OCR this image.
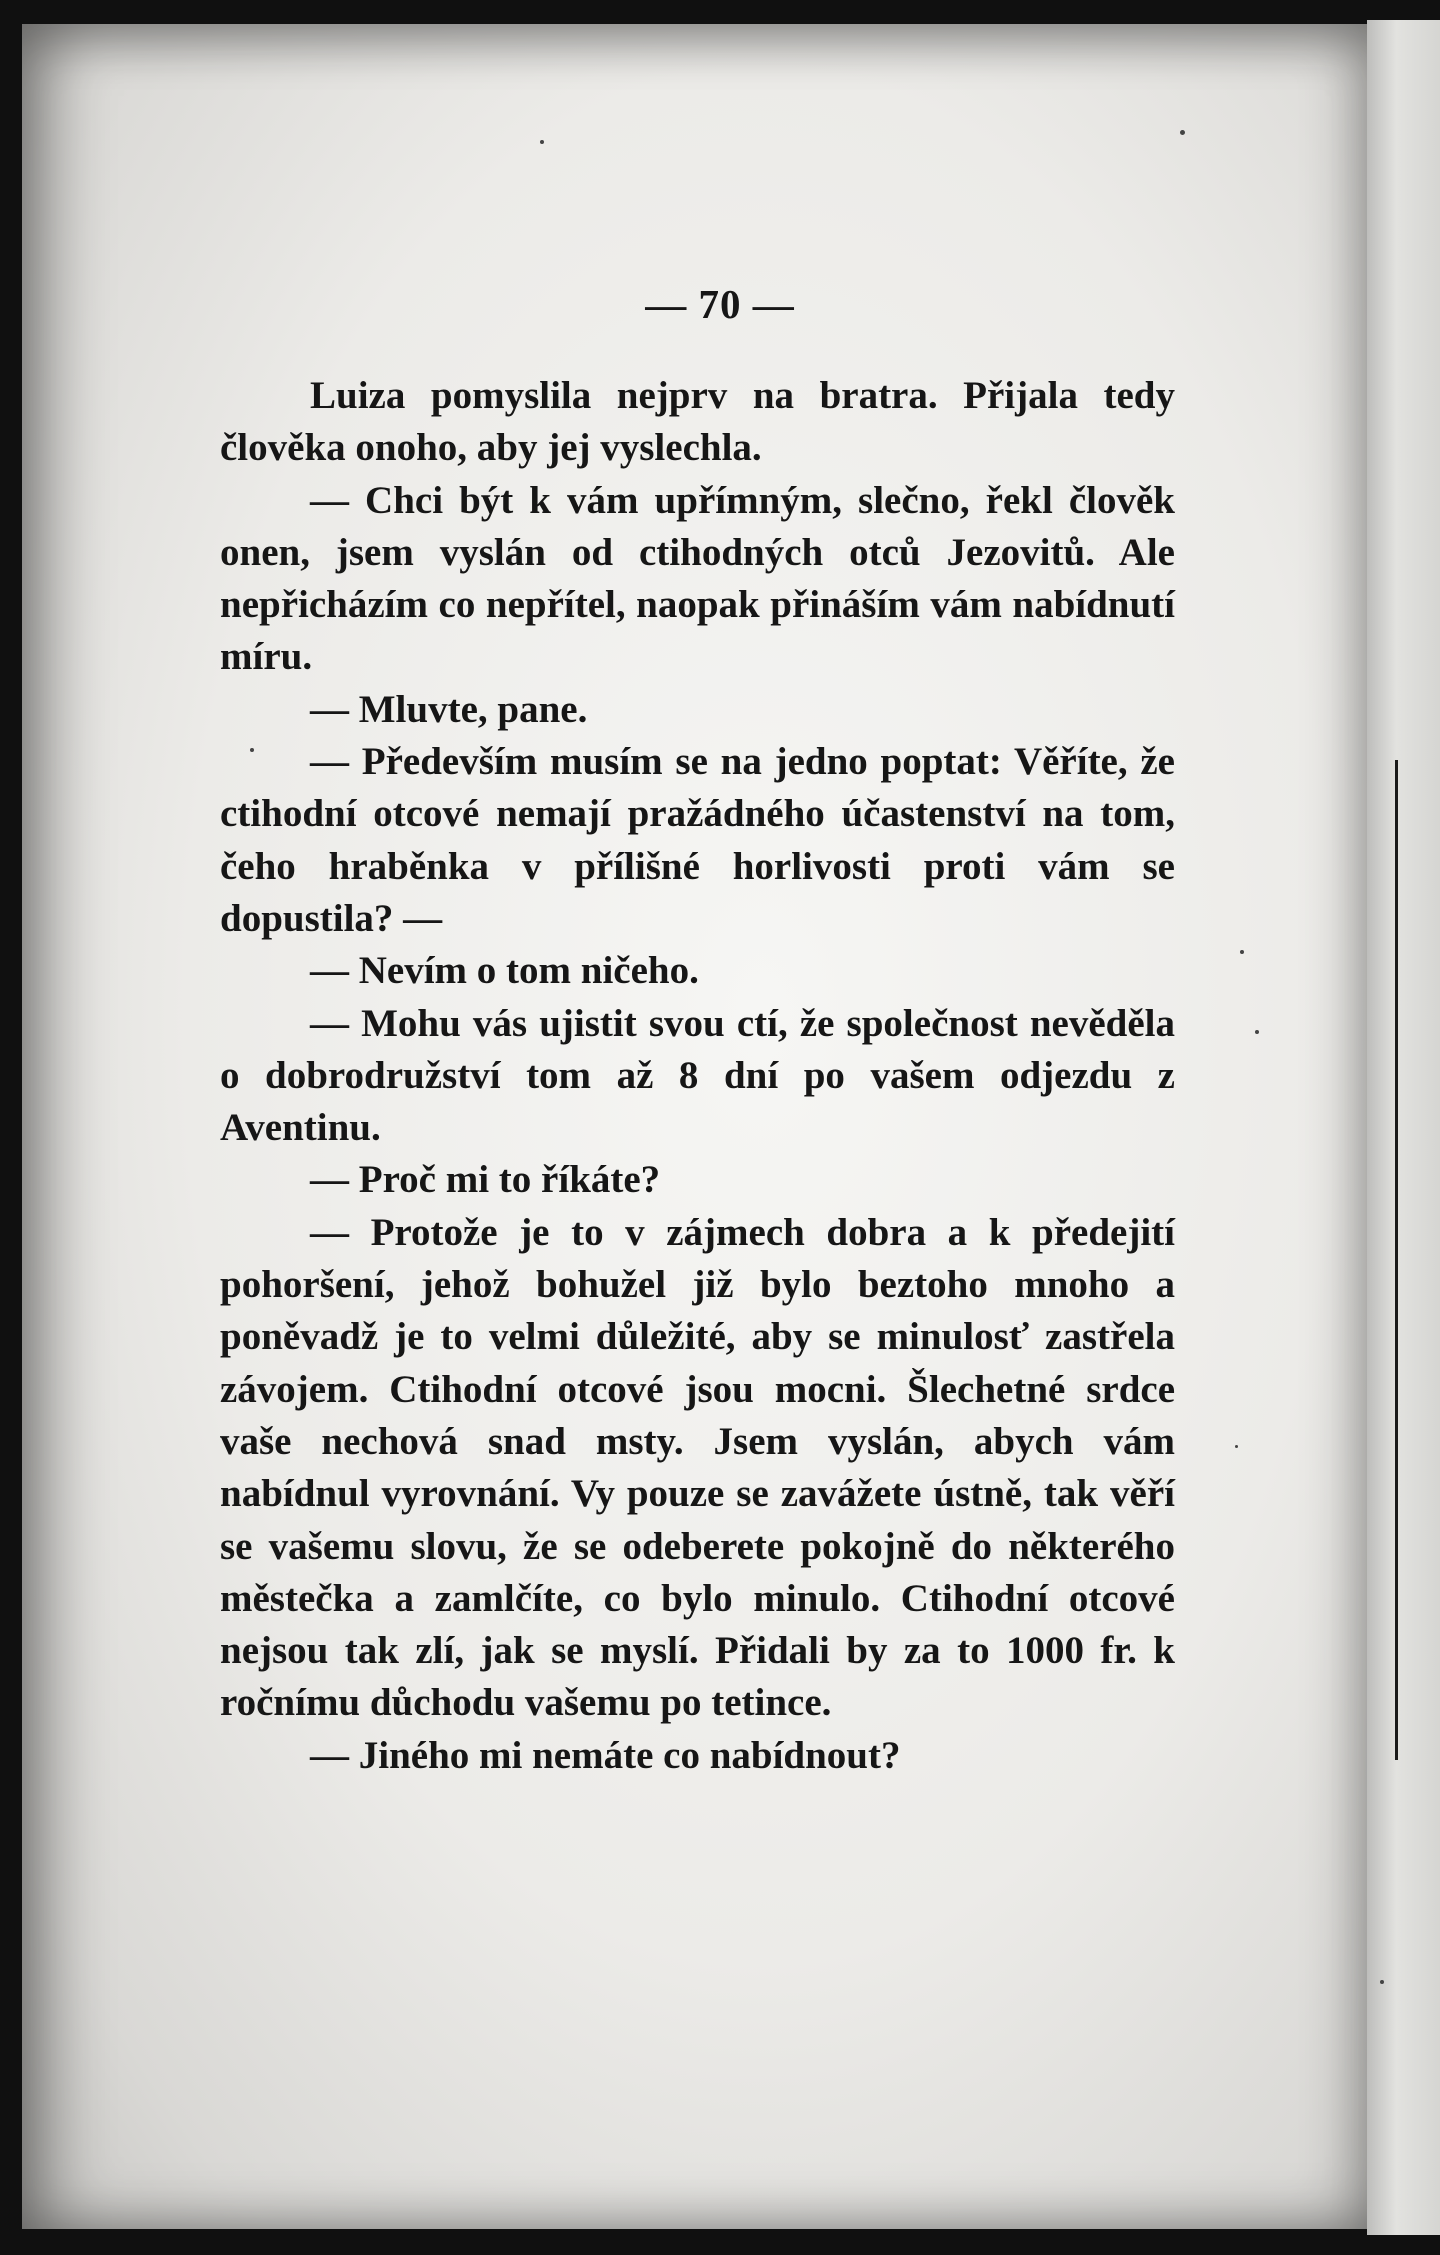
— 70 —

Luiza pomyslila nejprv na bratra. Přijala tedy člověka onoho, aby jej vyslechla.

— Chci být k vám upřímným, slečno, řekl člověk onen, jsem vyslán od ctihodných otců Jezovitů. Ale nepřicházím co nepřítel, naopak přináším vám nabídnutí míru.

— Mluvte, pane.

— Především musím se na jedno poptat: Věříte, že ctihodní otcové nemají pražádného účastenství na tom, čeho hraběnka v přílišné horlivosti proti vám se dopustila? —

— Nevím o tom ničeho.

— Mohu vás ujistit svou ctí, že společnost nevěděla o dobrodružství tom až 8 dní po vašem odjezdu z Aventinu.

— Proč mi to říkáte?

— Protože je to v zájmech dobra a k předejití pohoršení, jehož bohužel již bylo beztoho mnoho a poněvadž je to velmi důležité, aby se minulosť zastřela závojem. Ctihodní otcové jsou mocni. Šlechetné srdce vaše nechová snad msty. Jsem vyslán, abych vám nabídnul vyrovnání. Vy pouze se zavážete ústně, tak věří se vašemu slovu, že se odeberete pokojně do některého městečka a zamlčíte, co bylo minulo. Ctihodní otcové nejsou tak zlí, jak se myslí. Přidali by za to 1000 fr. k ročnímu důchodu vašemu po tetince.

— Jiného mi nemáte co nabídnout?
